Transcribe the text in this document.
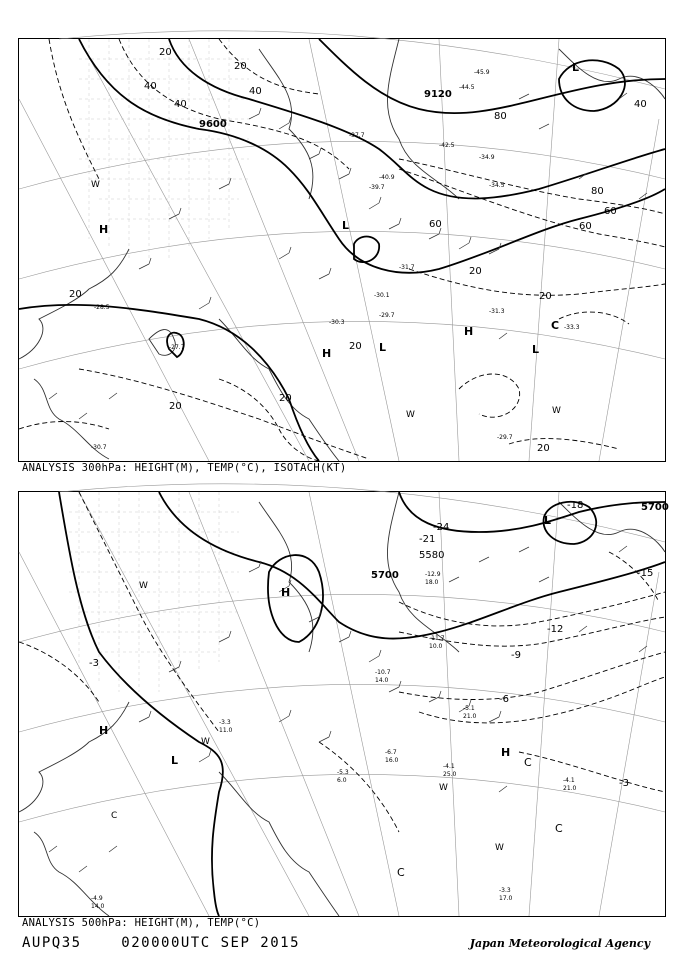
-31.3
-33.3
-29.7
-30.7
-27.7
-28.5
-30.3
-29.7
-30.1
-31.7
-34.5
-37.7
-40.9
-42.5
-34.9
-44.5
-45.9
-39.7
9600
9120
20
40
40
40
20
60
80
60
20
20
20
20
20
20
40
60
80
20
H
H
H
L
L	L
L
C
W
W	W
ANALYSIS 300hPa: HEIGHT(M), TEMP(°C), ISOTACH(KT)
5700
5580
5700
-3
-6
-9
-12
-15
-18
-24
-21
-3
H
H
H
L
L
C
C
C
W
W
W
W
C
-4.1
25.0
-4.1
21.0
-3.3
17.0
-4.9
14.0
-5.1
21.0
-6.7
16.0
-10.7
14.0
-12.9
18.0
-11.7
10.0
-5.3
6.0
-3.3
11.0
ANALYSIS 500hPa: HEIGHT(M), TEMP(°C)
AUPQ35	020000UTC SEP 2015	Japan Meteorological Agency
